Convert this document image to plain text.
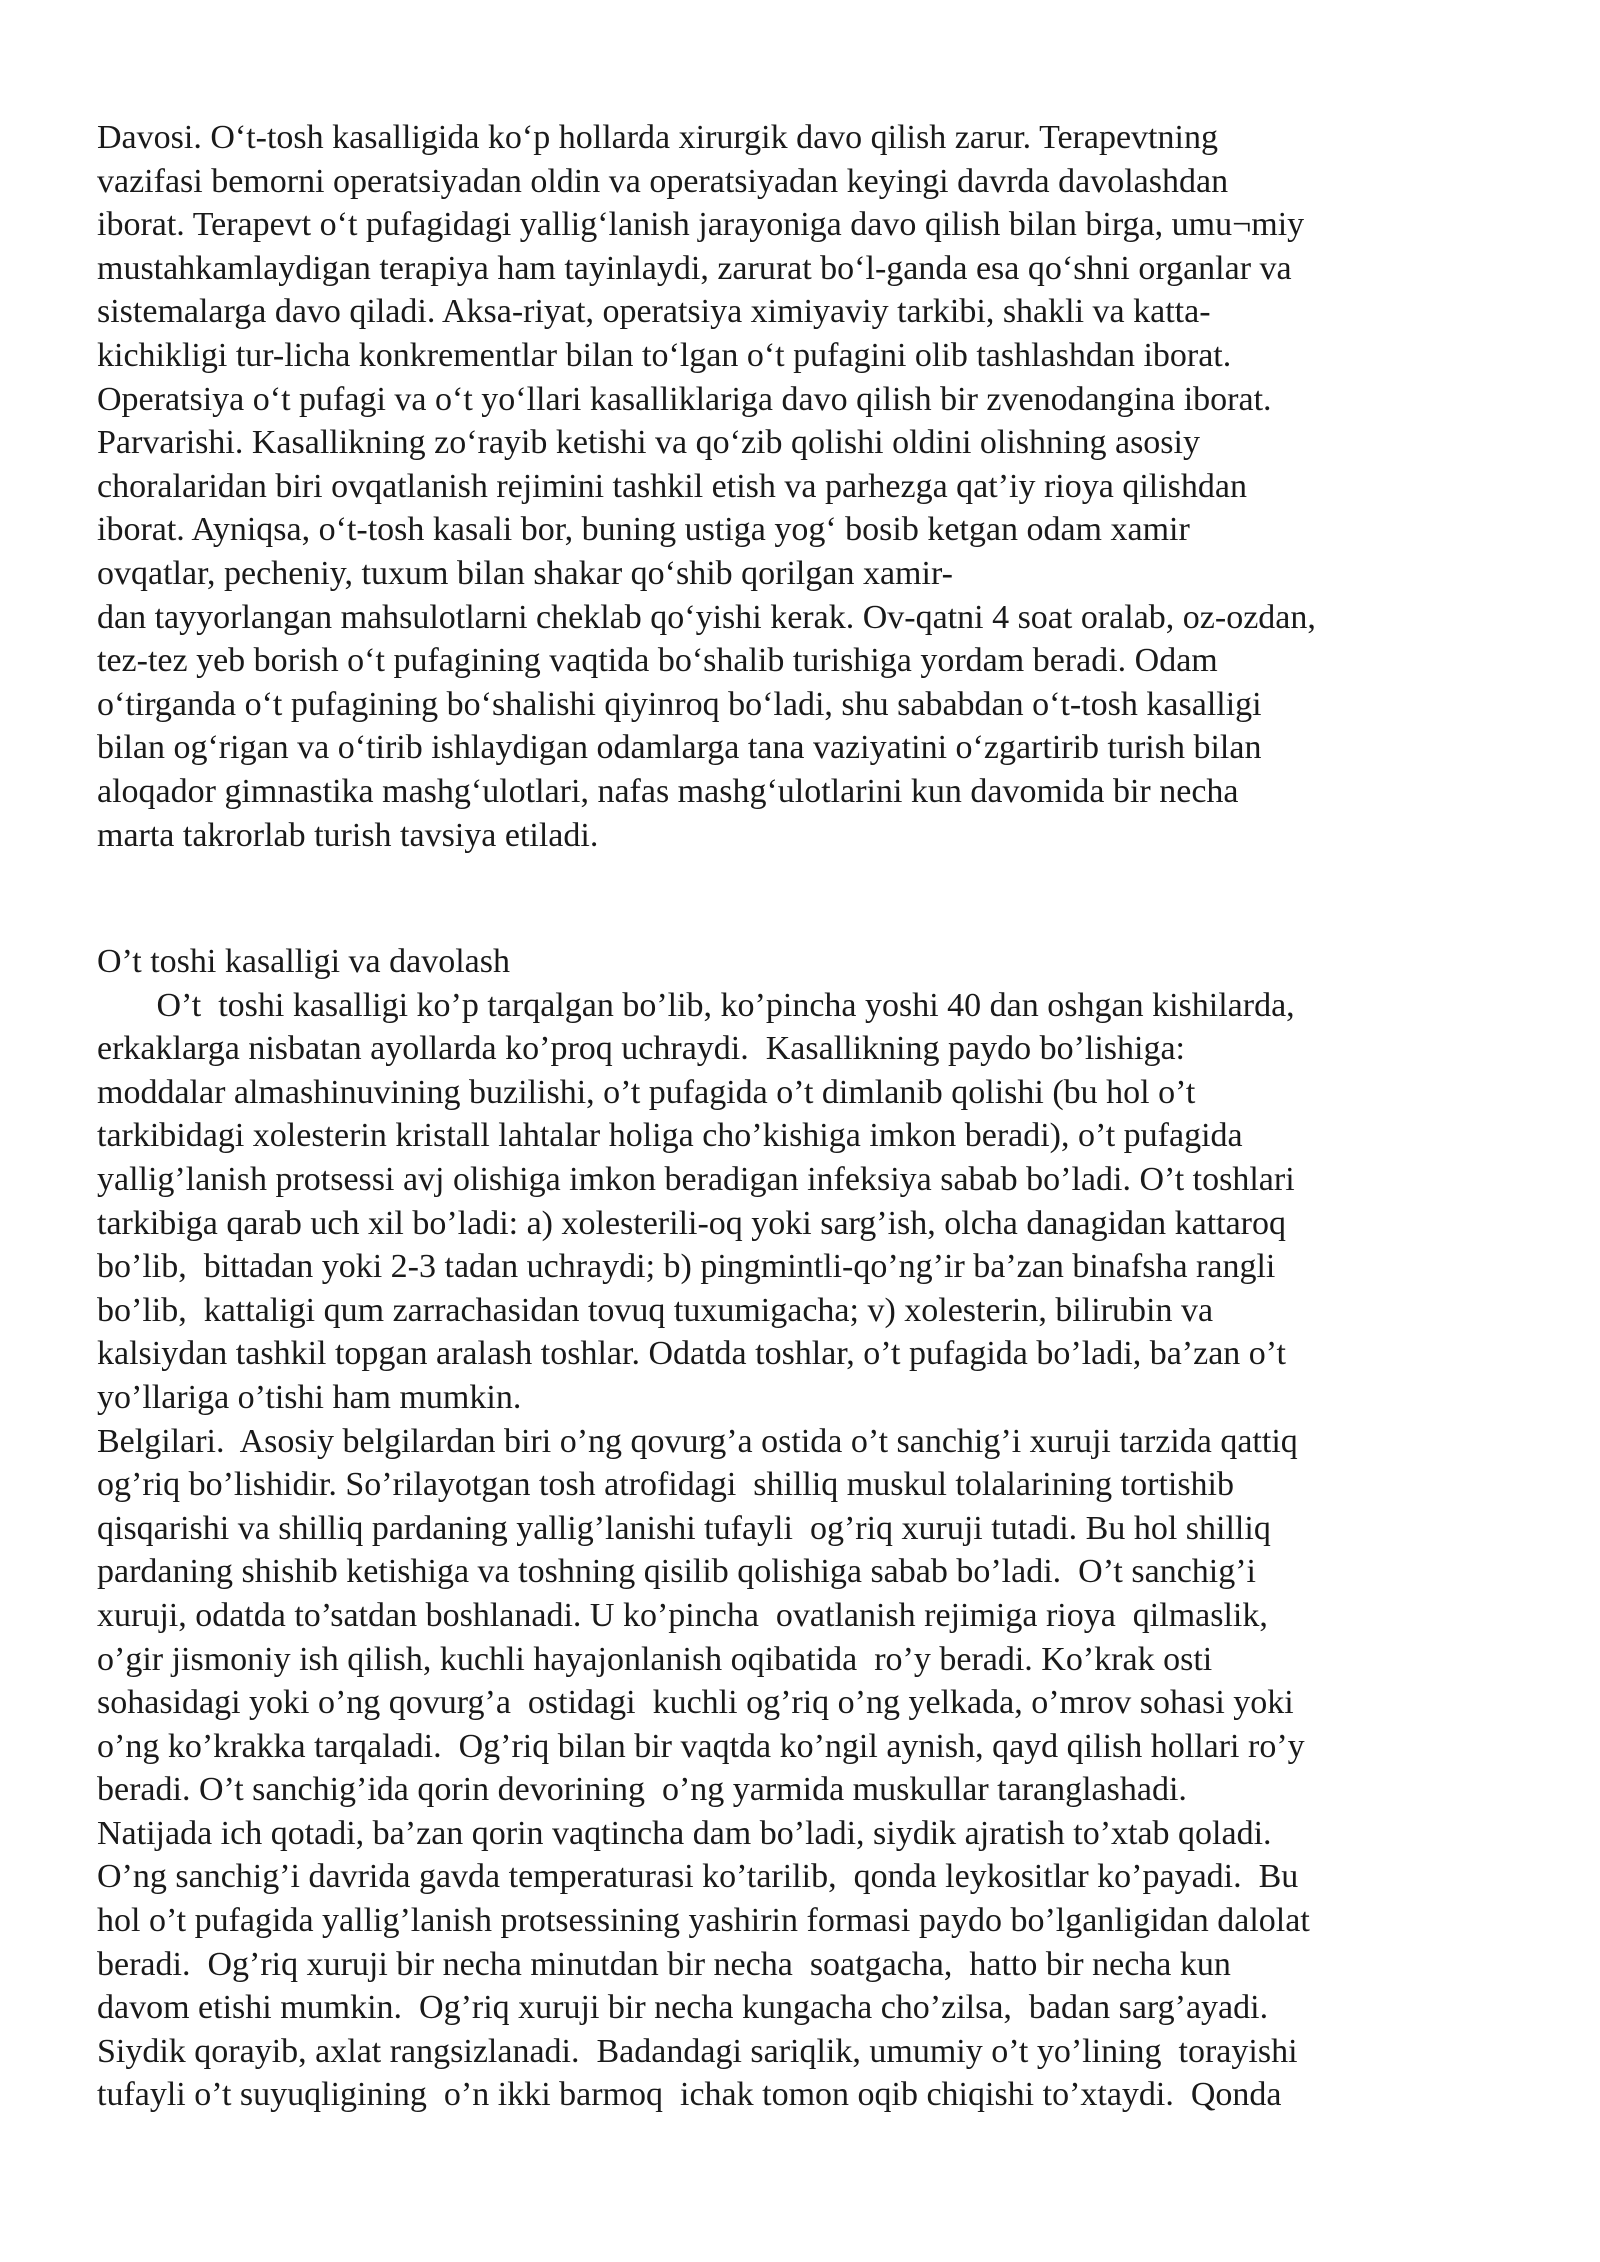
Davosi. O‘t-tosh kasalligida ko‘p hollarda xirurgik davo qilish zarur. Terapevtning
vazifasi bemorni operatsiyadan oldin va operatsiyadan keyingi davrda davolashdan
iborat. Terapevt o‘t pufagidagi yallig‘lanish jarayoniga davo qilish bilan birga, umu¬miy
mustahkamlaydigan terapiya ham tayinlaydi, zarurat bo‘l-ganda esa qo‘shni organlar va
sistemalarga davo qiladi. Aksa-riyat, operatsiya ximiyaviy tarkibi, shakli va katta-
kichikligi tur-licha konkrementlar bilan to‘lgan o‘t pufagini olib tashlashdan iborat.
Operatsiya o‘t pufagi va o‘t yo‘llari kasalliklariga davo qilish bir zvenodangina iborat.
Parvarishi. Kasallikning zo‘rayib ketishi va qo‘zib qolishi oldini olishning asosiy
choralaridan biri ovqatlanish rejimini tashkil etish va parhezga qat’iy rioya qilishdan
iborat. Ayniqsa, o‘t-tosh kasali bor, buning ustiga yog‘ bosib ketgan odam xamir
ovqatlar, pecheniy, tuxum bilan shakar qo‘shib qorilgan xamir-
dan tayyorlangan mahsulotlarni cheklab qo‘yishi kerak. Ov-qatni 4 soat oralab, oz-ozdan,
tez-tez yeb borish o‘t pufagining vaqtida bo‘shalib turishiga yordam beradi. Odam
o‘tirganda o‘t pufagining bo‘shalishi qiyinroq bo‘ladi, shu sababdan o‘t-tosh kasalligi
bilan og‘rigan va o‘tirib ishlaydigan odamlarga tana vaziyatini o‘zgartirib turish bilan
aloqador gimnastika mashg‘ulotlari, nafas mashg‘ulotlarini kun davomida bir necha
marta takrorlab turish tavsiya etiladi.
O’t toshi kasalligi va davolash
O’t  toshi kasalligi ko’p tarqalgan bo’lib, ko’pincha yoshi 40 dan oshgan kishilarda,
erkaklarga nisbatan ayollarda ko’proq uchraydi.  Kasallikning paydo bo’lishiga:
moddalar almashinuvining buzilishi, o’t pufagida o’t dimlanib qolishi (bu hol o’t
tarkibidagi xolesterin kristall lahtalar holiga cho’kishiga imkon beradi), o’t pufagida
yallig’lanish protsessi avj olishiga imkon beradigan infeksiya sabab bo’ladi. O’t toshlari
tarkibiga qarab uch xil bo’ladi: a) xolesterili-oq yoki sarg’ish, olcha danagidan kattaroq
bo’lib,  bittadan yoki 2-3 tadan uchraydi; b) pingmintli-qo’ng’ir ba’zan binafsha rangli
bo’lib,  kattaligi qum zarrachasidan tovuq tuxumigacha; v) xolesterin, bilirubin va
kalsiydan tashkil topgan aralash toshlar. Odatda toshlar, o’t pufagida bo’ladi, ba’zan o’t
yo’llariga o’tishi ham mumkin.
Belgilari.  Asosiy belgilardan biri o’ng qovurg’a ostida o’t sanchig’i xuruji tarzida qattiq
og’riq bo’lishidir. So’rilayotgan tosh atrofidagi  shilliq muskul tolalarining tortishib
qisqarishi va shilliq pardaning yallig’lanishi tufayli  og’riq xuruji tutadi. Bu hol shilliq
pardaning shishib ketishiga va toshning qisilib qolishiga sabab bo’ladi.  O’t sanchig’i
xuruji, odatda to’satdan boshlanadi. U ko’pincha  ovatlanish rejimiga rioya  qilmaslik,
o’gir jismoniy ish qilish, kuchli hayajonlanish oqibatida  ro’y beradi. Ko’krak osti
sohasidagi yoki o’ng qovurg’a  ostidagi  kuchli og’riq o’ng yelkada, o’mrov sohasi yoki
o’ng ko’krakka tarqaladi.  Og’riq bilan bir vaqtda ko’ngil aynish, qayd qilish hollari ro’y
beradi. O’t sanchig’ida qorin devorining  o’ng yarmida muskullar taranglashadi.
Natijada ich qotadi, ba’zan qorin vaqtincha dam bo’ladi, siydik ajratish to’xtab qoladi.
O’ng sanchig’i davrida gavda temperaturasi ko’tarilib,  qonda leykositlar ko’payadi.  Bu
hol o’t pufagida yallig’lanish protsessining yashirin formasi paydo bo’lganligidan dalolat
beradi.  Og’riq xuruji bir necha minutdan bir necha  soatgacha,  hatto bir necha kun
davom etishi mumkin.  Og’riq xuruji bir necha kungacha cho’zilsa,  badan sarg’ayadi.
Siydik qorayib, axlat rangsizlanadi.  Badandagi sariqlik, umumiy o’t yo’lining  torayishi
tufayli o’t suyuqligining  o’n ikki barmoq  ichak tomon oqib chiqishi to’xtaydi.  Qonda
